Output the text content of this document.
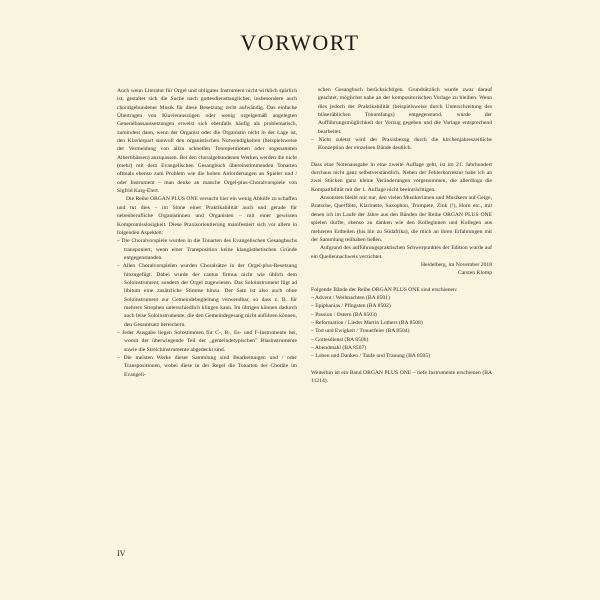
VORWORT

Auch wenn Literatur für Orgel und obligates Instrument nicht wirklich spärlich ist, gestaltet sich die Suche nach gottesdiensttauglicher, insbesondere auch choralgebundener Musik für diese Besetzung recht aufwändig. Das einfache Übertragen von Klavierauszügen oder wenig orgelgemäß angelegten Generalbassaussetzungen erweist sich ebenfalls häufig als problematisch, zumindest dann, wenn der Organist oder die Organistin nicht in der Lage ist, den Klavierpart sinnvoll den organistischen Notwendigkeiten (beispielsweise der Vermeidung von allzu schnellen Tonrepetitionen oder sogenannten Albertibässen) anzupassen. Bei den choralgebundenen Werken werden die nicht (mehr) mit dem Evangelischen Gesangbuch übereinstimmenden Tonarten oftmals ebenso zum Problem wie die hohen Anforderungen an Spieler und / oder Instrument – man denke an manche Orgel-plus-Choralvorspiele von Sigfrid Karg-Elert.

Die Reihe ORGAN PLUS ONE versucht hier ein wenig Abhilfe zu schaffen und tut dies – im Sinne einer Praktikabilität auch und gerade für nebenberufliche Organistinnen und Organisten – mit einer gewissen Kompromisslosigkeit. Diese Praxisorientierung manifestiert sich vor allem in folgenden Aspekten:

– Die Choralvorspiele wurden in die Tonarten des Evangelischen Gesangbuchs transponiert, wenn einer Transposition keine klangästhetischen Gründe entgegenstanden.

– Allen Choralvorspielen wurden Choralsätze in der Orgel-plus-Besetzung hinzugefügt. Dabei wurde der cantus firmus nicht wie üblich dem Soloinstrument, sondern der Orgel zugewiesen. Das Soloinstrument fügt ad libitum eine zusätzliche Stimme hinzu. Der Satz ist also auch ohne Soloinstrument zur Gemeindebegleitung verwendbar, so dass z. B. für mehrere Strophen unterschiedlich klingen kann. Im übrigen können dadurch auch leise Soloinstrumente, die den Gemeindegesang nicht anführen können, den Gesamtsatz bereichern.

– Jeder Ausgabe liegen Solostimmen für C-, B-, Es- und F-Instrumente bei, womit der überwiegende Teil der „gemeindetypischen" Blasinstrumente sowie die Streichinstrumente abgedeckt sind.

– Die meisten Werke dieser Sammlung sind Bearbeitungen und / oder Transpositionen, wobei diese in der Regel die Tonarten der Choräle im Evangeli-

schen Gesangbuch berücksichtigen. Grundsätzlich wurde zwar darauf geachtet, möglichst nahe an der kompositorischen Vorlage zu bleiben. Wenn dies jedoch der Praktikabilität (beispielsweise durch Unterschreitung des bläserüblichen Tonumfangs) entgegenstand, wurde der Aufführungsmöglichkeit der Vorzug gegeben und die Vorlage entsprechend bearbeitet.

– Nicht zuletzt wird der Praxisbezug durch die kirchenjahreszeitliche Konzeption der einzelnen Bände deutlich.

Dass eine Notenausgabe in eine zweite Auflage geht, ist im 21. Jahrhundert durchaus nicht ganz selbstverständlich. Neben der Fehlerkorrektur habe ich an zwei Stücken ganz kleine Veränderungen vorgenommen, die allerdings die Kompatibilität mit der 1. Auflage nicht beeinträchtigen.

Ansonsten bleibt mir nur, den vielen Musikerinnen und Musikern auf Geige, Bratsche, Querflöte, Klarinette, Saxophon, Trompete, Zink (!), Horn etc., mit denen ich im Laufe der Jahre aus den Bänden der Reihe ORGAN PLUS ONE spielen durfte, ebenso zu danken wie den Kolleginnen und Kollegen aus mehreren Erdteilen (bis hin zu Südafrika), die mich an ihren Erfahrungen mit der Sammlung teilhaben ließen.

Aufgrund des aufführungspraktischen Schwerpunktes der Edition wurde auf ein Quellennachweis verzichtet.

Heidelberg, im November 2018

Carsten Klomp

Folgende Bände der Reihe ORGAN PLUS ONE sind erschienen:

– Advent / Weihnachten (BA 8501)

– Epiphanias / Pfingsten (BA 8502)

– Passion / Ostern (BA 8503)

– Reformation / Lieder Martin Luthers (BA 8508)

– Tod und Ewigkeit / Trauerfeier (BA 8504)

– Gottesdienst (BA 8506)

– Abendmahl (BA 8507)

– Loben und Danken / Taufe und Trauung (BA 8505)

Weiterhin ist ein Band ORGAN PLUS ONE – tiefe Instrumente erschienen (BA 11214).

IV
